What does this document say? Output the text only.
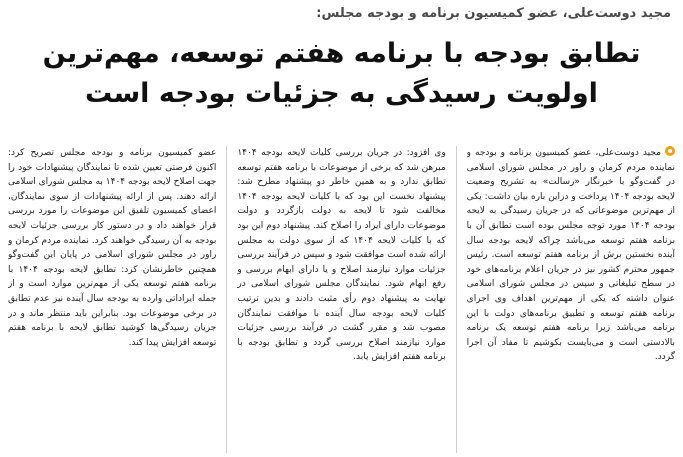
مجید دوست‌علی، عضو کمیسیون برنامه و بودجه مجلس:
تطابق بودجه با برنامه هفتم توسعه، مهم‌ترین
اولویت رسیدگی به جزئیات بودجه است

مجید دوست‌علی، عضو کمیسیون برنامه و بودجه و نماینده مردم کرمان و راور در مجلس شورای اسلامی در گفت‌وگو با خبرنگار «رسالت» به تشریح وضعیت لایحه بودجه ۱۴۰۴ پرداخت و دراین باره بیان داشت: یکی از مهم‌ترین موضوعاتی که در جریان رسیدگی به لایحه بودجه ۱۴۰۴ مورد توجه مجلس بوده است تطابق آن با برنامه هفتم توسعه می‌باشد چراکه لایحه بودجه سال آینده نخستین برش از برنامه هفتم توسعه است. رئیس جمهور محترم کشور نیز در جریان اعلام برنامه‌های خود در سطح تبلیغاتی و سپس در مجلس شورای اسلامی عنوان داشته که یکی از مهم‌ترین اهداف وی اجرای برنامه هفتم توسعه و تطبیق برنامه‌های دولت با این برنامه می‌باشد زیرا برنامه هفتم توسعه یک برنامه بالادستی است و می‌بایست بکوشیم تا مفاد آن اجرا گردد.

وی افزود: در جریان بررسی کلیات لایحه بودجه ۱۴۰۴ مبرهن شد که برخی از موضوعات با برنامه هفتم توسعه تطابق ندارد و به همین خاطر دو پیشنهاد مطرح شد: پیشنهاد نخست این بود که با کلیات لایحه بودجه ۱۴۰۴ مخالفت شود تا لایحه به دولت بازگردد و دولت موضوعات دارای ایراد را اصلاح کند. پیشنهاد دوم این بود که با کلیات لایحه ۱۴۰۴ که از سوی دولت به مجلس ارائه شده است موافقت شود و سپس در فرآیند بررسی جزئیات موارد نیازمند اصلاح و یا دارای ابهام بررسی و رفع ابهام شود. نمایندگان مجلس شورای اسلامی در نهایت به پیشنهاد دوم رأی مثبت دادند و بدین ترتیب کلیات لایحه بودجه سال آینده با موافقت نمایندگان مصوب شد و مقرر گشت در فرآیند بررسی جزئیات موارد نیازمند اصلاح بررسی گردد و تطابق بودجه با برنامه هفتم افزایش یابد.

عضو کمیسیون برنامه و بودجه مجلس تصریح کرد: اکنون فرصتی تعیین شده تا نمایندگان پیشنهادات خود را جهت اصلاح لایحه بودجه ۱۴۰۴ به مجلس شورای اسلامی ارائه دهند. پس از ارائه پیشنهادات از سوی نمایندگان، اعضای کمیسیون تلفیق این موضوعات را مورد بررسی قرار خواهند داد و در دستور کار بررسی جزئیات لایحه بودجه به آن رسیدگی خواهند کرد. نماینده مردم کرمان و راور در مجلس شورای اسلامی در پایان این گفت‌وگو همچنین خاطرنشان کرد: تطابق لایحه بودجه ۱۴۰۴ با برنامه هفتم توسعه یکی از مهم‌ترین موارد است و از جمله ایراداتی وارده به بودجه سال آینده نیز عدم تطابق در برخی موضوعات بود. بنابراین باید منتظر ماند و در جریان رسیدگی‌ها کوشید تطابق لایحه با برنامه هفتم توسعه افزایش پیدا کند.
